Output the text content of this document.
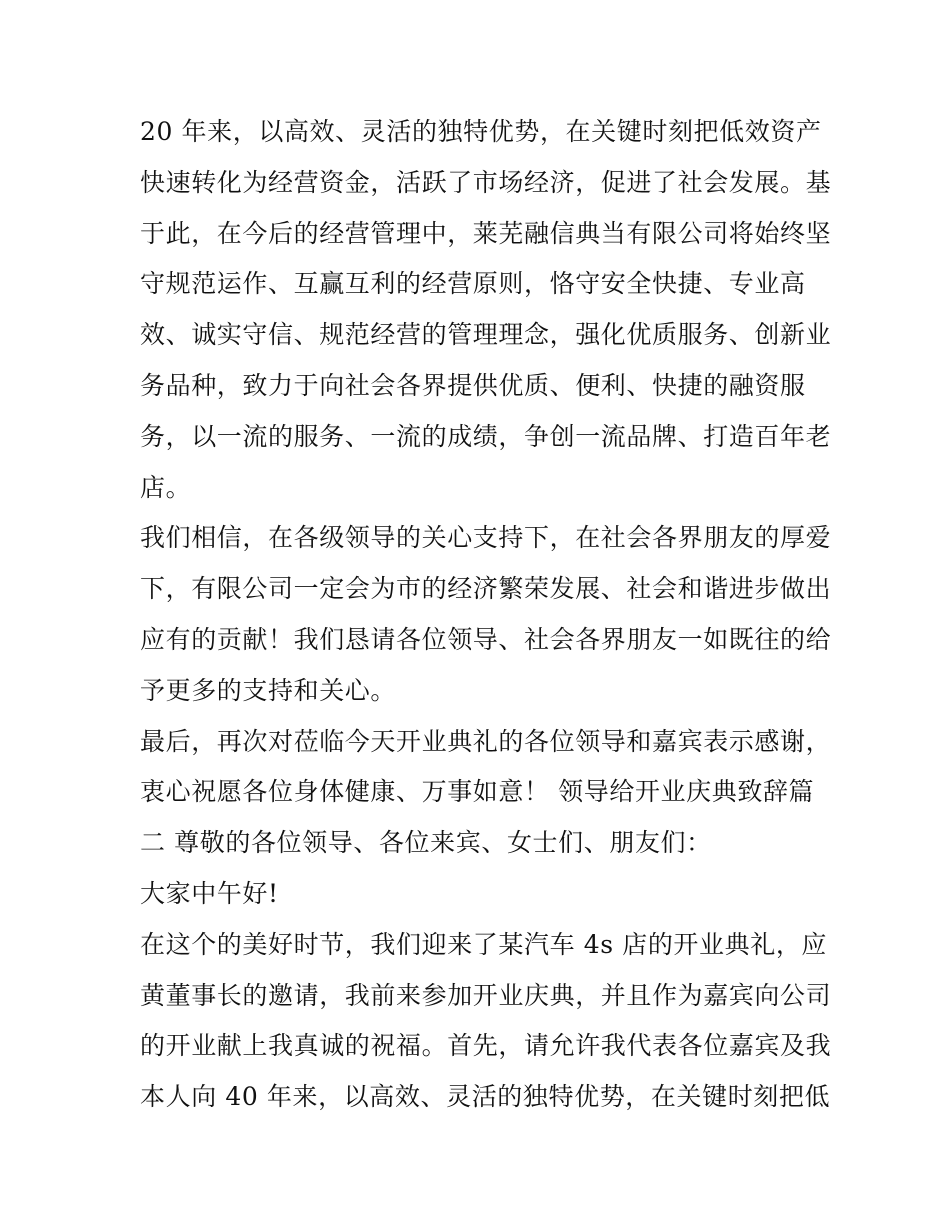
20 年来，以高效、灵活的独特优势，在关键时刻把低效资产
快速转化为经营资金，活跃了市场经济，促进了社会发展。基
于此，在今后的经营管理中，莱芜融信典当有限公司将始终坚
守规范运作、互赢互利的经营原则，恪守安全快捷、专业高
效、诚实守信、规范经营的管理理念，强化优质服务、创新业
务品种，致力于向社会各界提供优质、便利、快捷的融资服
务，以一流的服务、一流的成绩，争创一流品牌、打造百年老
店。
我们相信，在各级领导的关心支持下，在社会各界朋友的厚爱
下，有限公司一定会为市的经济繁荣发展、社会和谐进步做出
应有的贡献！我们恳请各位领导、社会各界朋友一如既往的给
予更多的支持和关心。
最后，再次对莅临今天开业典礼的各位领导和嘉宾表示感谢，
衷心祝愿各位身体健康、万事如意！ 领导给开业庆典致辞篇
二 尊敬的各位领导、各位来宾、女士们、朋友们：
大家中午好!
在这个的美好时节，我们迎来了某汽车 4s 店的开业典礼，应
黄董事长的邀请，我前来参加开业庆典，并且作为嘉宾向公司
的开业献上我真诚的祝福。首先，请允许我代表各位嘉宾及我
本人向 40 年来，以高效、灵活的独特优势，在关键时刻把低
